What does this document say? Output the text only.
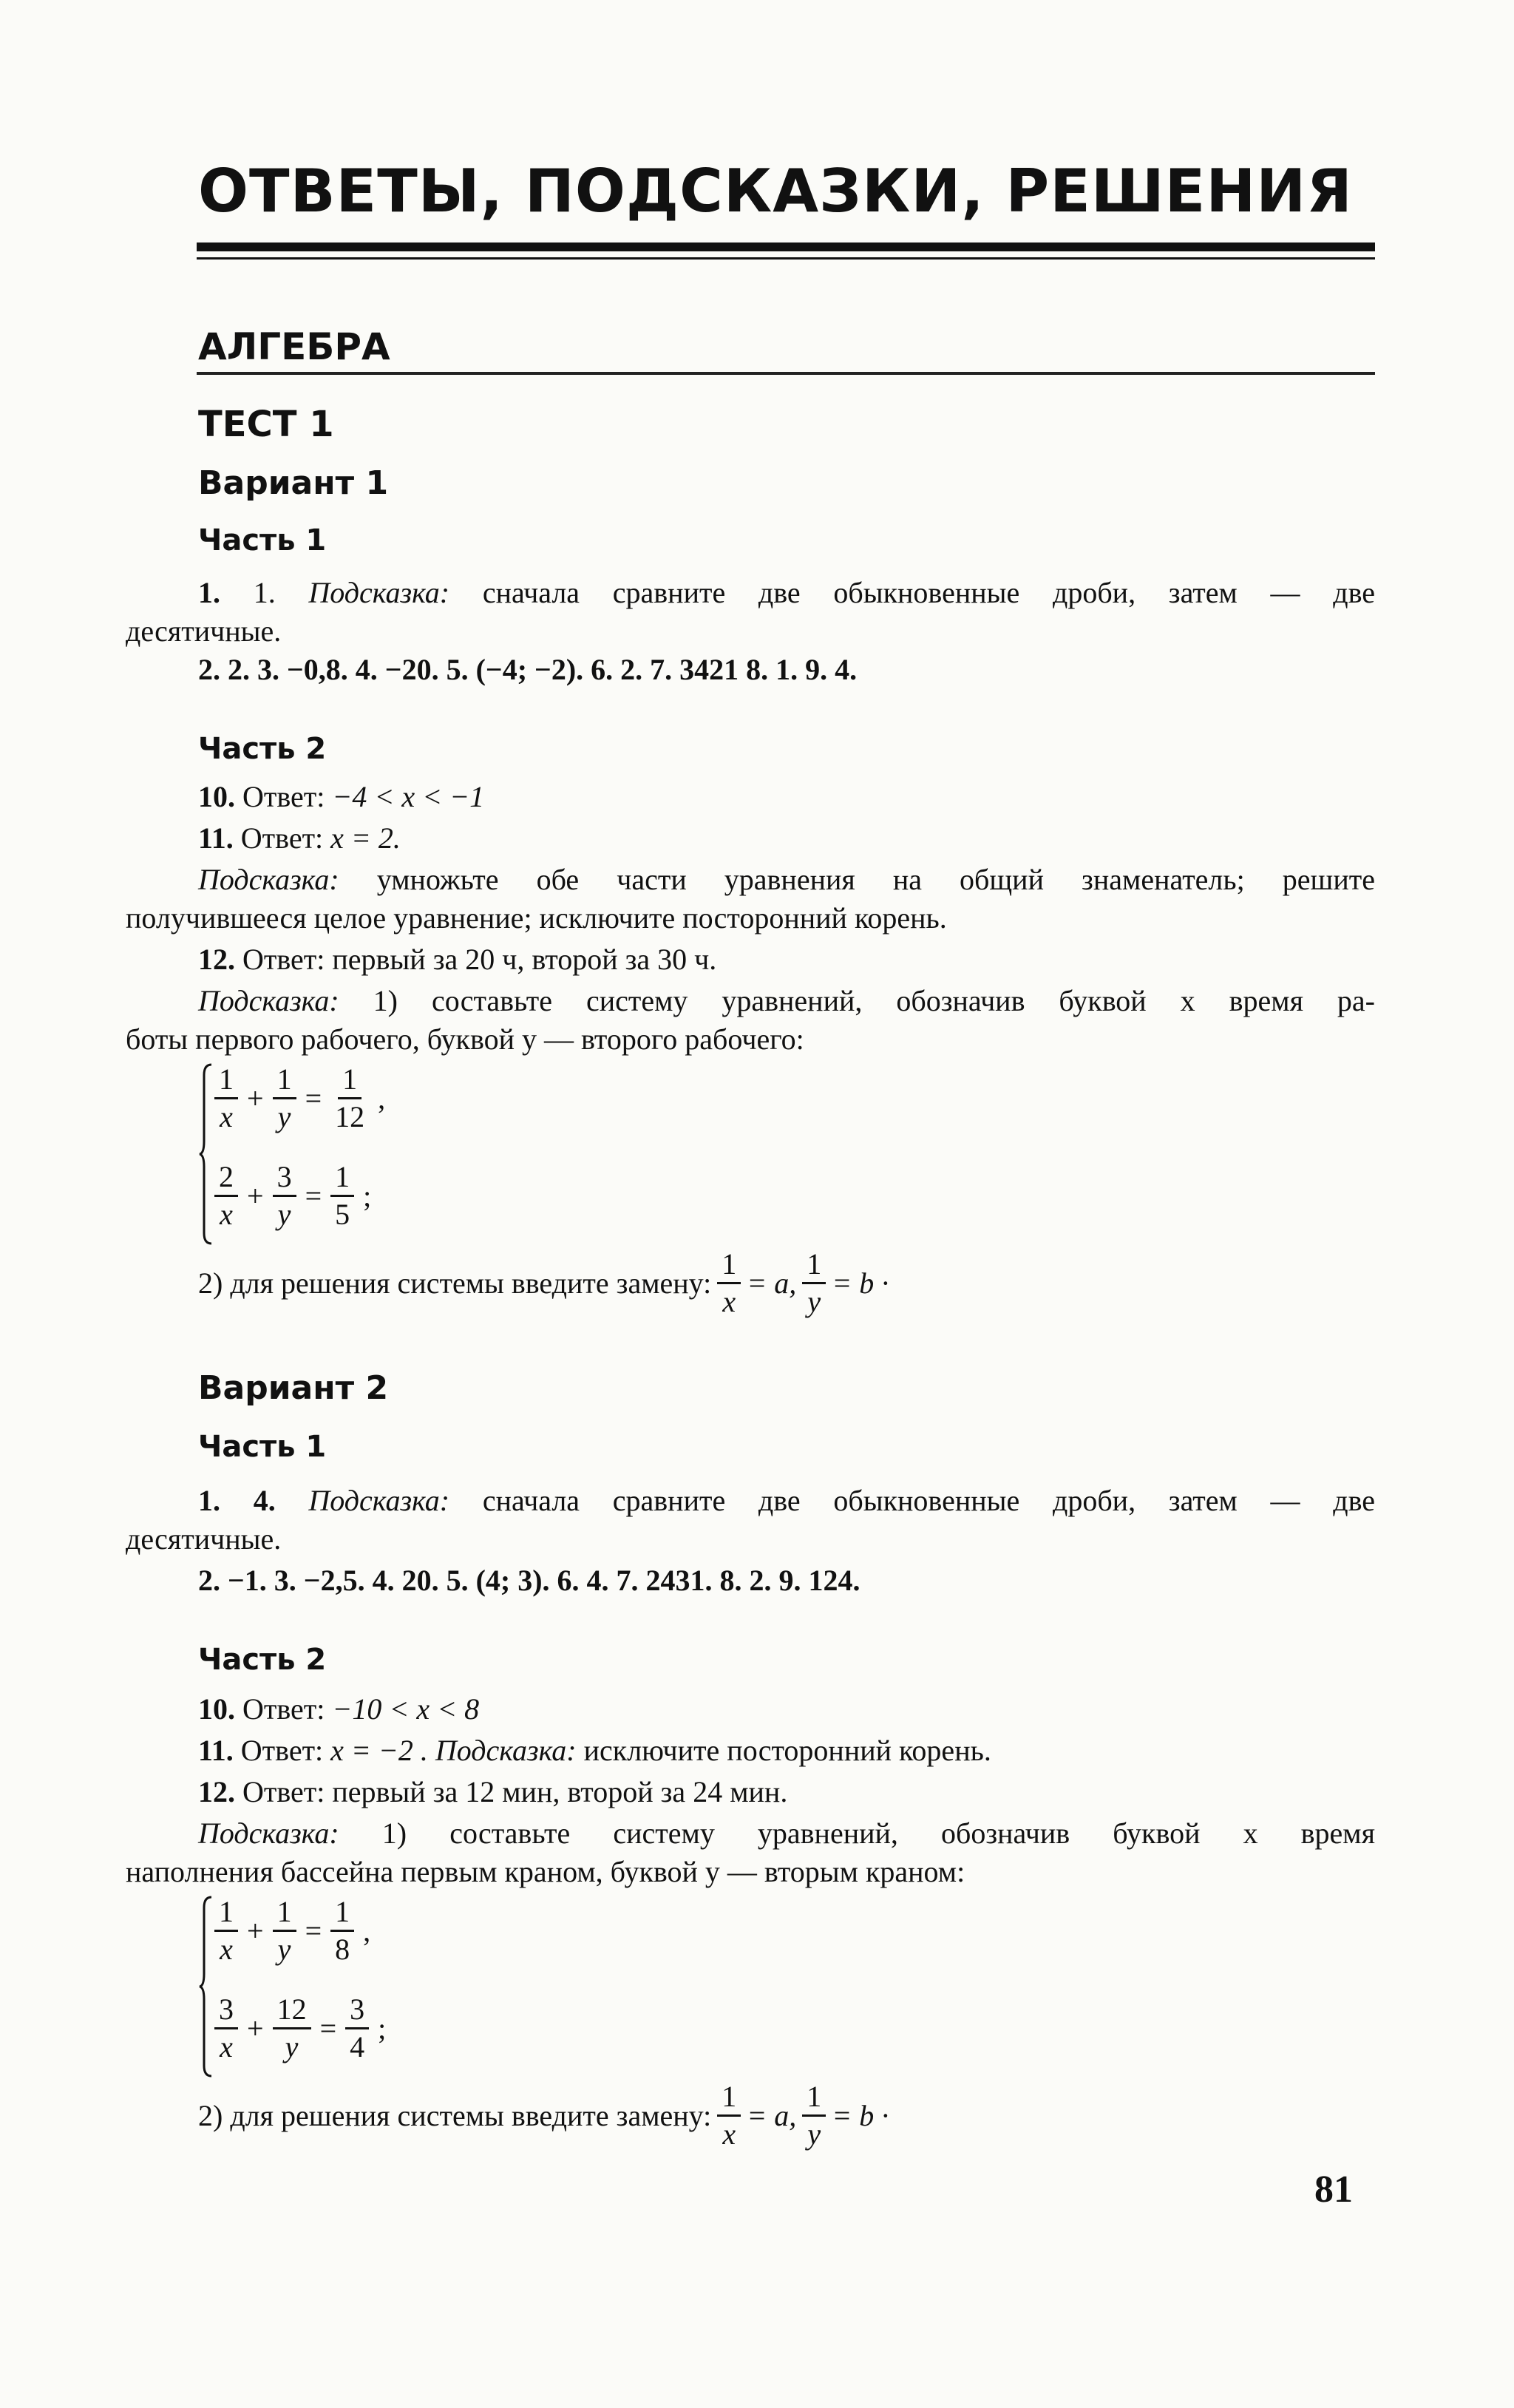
ОТВЕТЫ, ПОДСКАЗКИ, РЕШЕНИЯ
АЛГЕБРА
ТЕСТ 1
Вариант 1
Часть 1
1. 1. Подсказка: сначала сравните две обыкновенные дроби, затем — две
десятичные.
2. 2. 3. −0,8. 4. −20. 5. (−4; −2). 6. 2. 7. 3421 8. 1. 9. 4.
Часть 2
10. Ответ: −4 < x < −1
11. Ответ: x = 2.
Подсказка: умножьте обе части уравнения на общий знаменатель; решите
получившееся целое уравнение; исключите посторонний корень.
12. Ответ: первый за 20 ч, второй за 30 ч.
Подсказка: 1) составьте систему уравнений, обозначив буквой x время ра-
боты первого рабочего, буквой y — второго рабочего:
$\frac{1}{x} + \frac{1}{y} = \frac{1}{12}$ ,
$\frac{2}{x} + \frac{3}{y} = \frac{1}{5}$ ;
2) для решения системы введите замену: $\frac{1}{x} = a$, $\frac{1}{y} = b$ ·
Вариант 2
Часть 1
1. 4. Подсказка: сначала сравните две обыкновенные дроби, затем — две
десятичные.
2. −1. 3. −2,5. 4. 20. 5. (4; 3). 6. 4. 7. 2431. 8. 2. 9. 124.
Часть 2
10. Ответ: −10 < x < 8
11. Ответ: x = −2 . Подсказка: исключите посторонний корень.
12. Ответ: первый за 12 мин, второй за 24 мин.
Подсказка: 1) составьте систему уравнений, обозначив буквой x время
наполнения бассейна первым краном, буквой y — вторым краном:
$\frac{1}{x} + \frac{1}{y} = \frac{1}{8}$ ,
$\frac{3}{x} + \frac{12}{y} = \frac{3}{4}$ ;
2) для решения системы введите замену: $\frac{1}{x} = a$, $\frac{1}{y} = b$ ·
81
